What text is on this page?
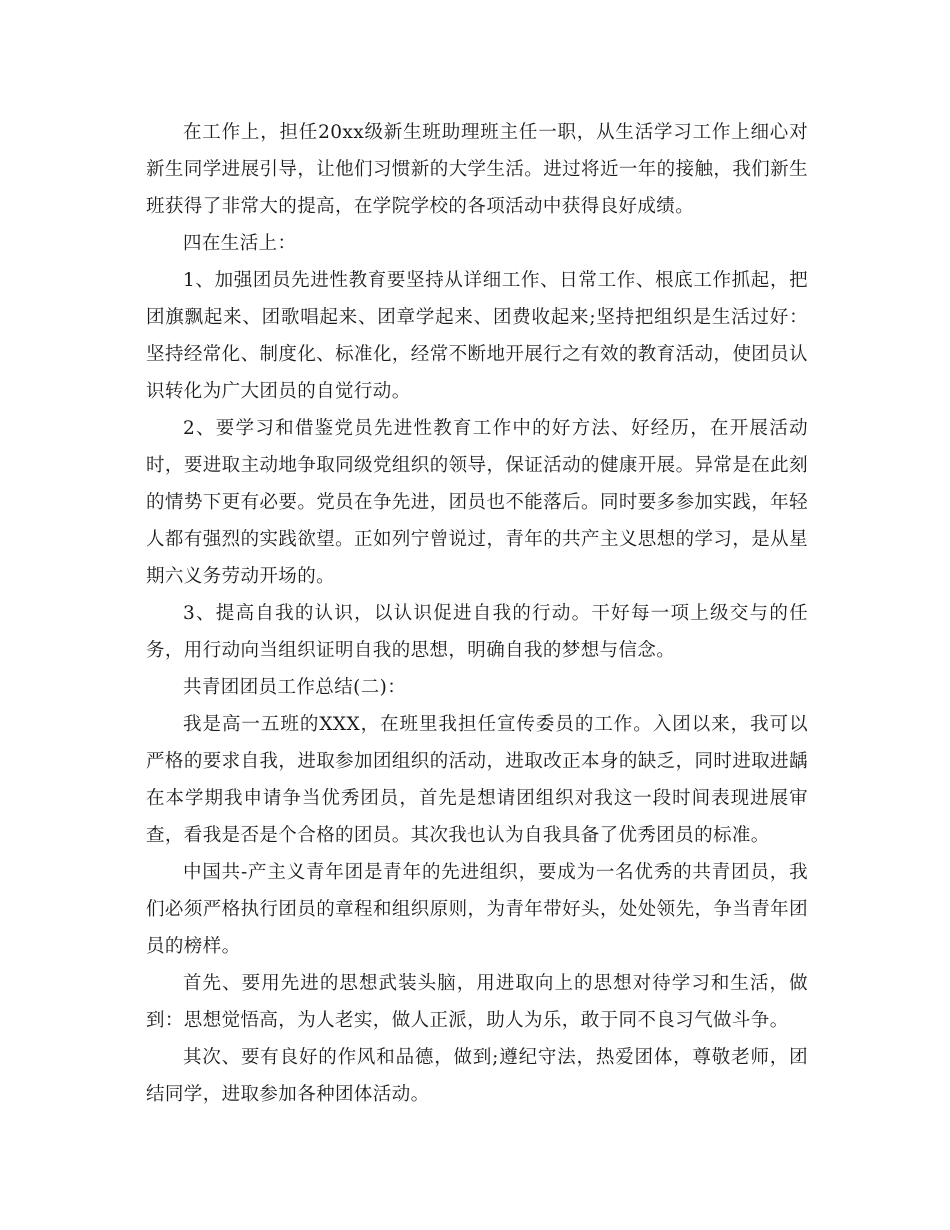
在工作上，担任20xx级新生班助理班主任一职，从生活学习工作上细心对新生同学进展引导，让他们习惯新的大学生活。进过将近一年的接触，我们新生班获得了非常大的提高，在学院学校的各项活动中获得良好成绩。

四在生活上：

1、加强团员先进性教育要坚持从详细工作、日常工作、根底工作抓起，把团旗飘起来、团歌唱起来、团章学起来、团费收起来;坚持把组织是生活过好：坚持经常化、制度化、标准化，经常不断地开展行之有效的教育活动，使团员认识转化为广大团员的自觉行动。

2、要学习和借鉴党员先进性教育工作中的好方法、好经历，在开展活动时，要进取主动地争取同级党组织的领导，保证活动的健康开展。异常是在此刻的情势下更有必要。党员在争先进，团员也不能落后。同时要多参加实践，年轻人都有强烈的实践欲望。正如列宁曾说过，青年的共产主义思想的学习，是从星期六义务劳动开场的。

3、提高自我的认识，以认识促进自我的行动。干好每一项上级交与的任务，用行动向当组织证明自我的思想，明确自我的梦想与信念。

共青团团员工作总结(二)：

我是高一五班的XXX，在班里我担任宣传委员的工作。入团以来，我可以严格的要求自我，进取参加团组织的活动，进取改正本身的缺乏，同时进取进龋在本学期我申请争当优秀团员，首先是想请团组织对我这一段时间表现进展审查，看我是否是个合格的团员。其次我也认为自我具备了优秀团员的标准。

中国共-产主义青年团是青年的先进组织，要成为一名优秀的共青团员，我们必须严格执行团员的章程和组织原则，为青年带好头，处处领先，争当青年团员的榜样。

首先、要用先进的思想武装头脑，用进取向上的思想对待学习和生活，做到：思想觉悟高，为人老实，做人正派，助人为乐，敢于同不良习气做斗争。

其次、要有良好的作风和品德，做到;遵纪守法，热爱团体，尊敬老师，团结同学，进取参加各种团体活动。
